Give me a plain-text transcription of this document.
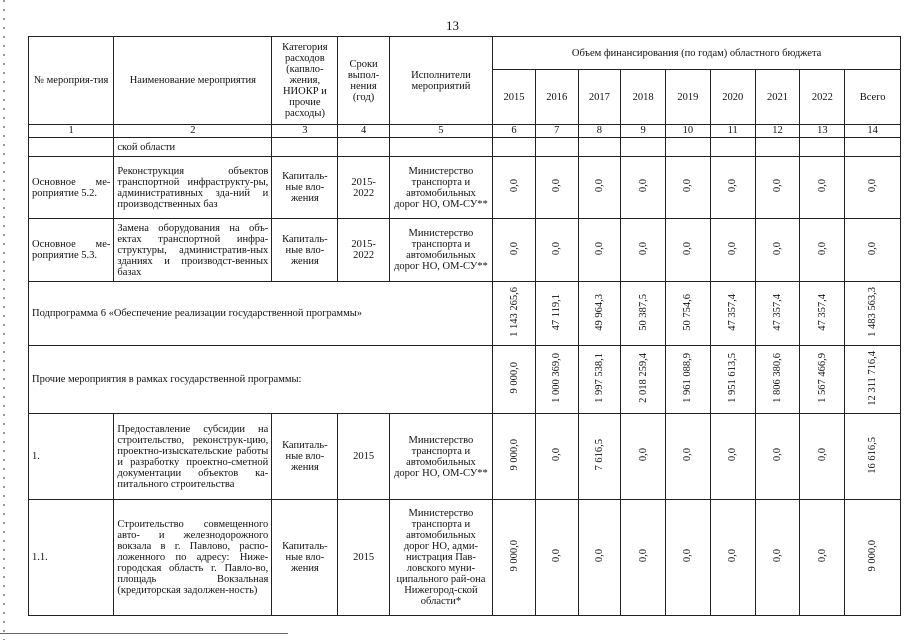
13
№ мероприя-тия	Наименование мероприятия	Категория расходов (капвло-жения, НИОКР и прочие расходы)	Сроки выпол-нения (год)	Исполнители мероприятий	Объем финансирования (по годам) областного бюджета								
					2015	2016	2017	2018	2019	2020	2021	2022	Всего
1	2	3	4	5	6	7	8	9	10	11	12	13	14
	ской области												
Основное ме-роприятие 5.2.	Реконструкция объектов транспортной инфраструкту-ры, административных зда-ний и производственных баз	Капиталь-ные вло-жения	2015-2022	Министерство транспорта и автомобильных дорог НО, ОМ-СУ**	0,0	0,0	0,0	0,0	0,0	0,0	0,0	0,0	0,0
Основное ме-роприятие 5.3.	Замена оборудования на объ-ектах транспортной инфра-структуры, административ-ных зданиях и производст-венных базах	Капиталь-ные вло-жения	2015-2022	Министерство транспорта и автомобильных дорог НО, ОМ-СУ**	0,0	0,0	0,0	0,0	0,0	0,0	0,0	0,0	0,0
Подпрограмма 6 «Обеспечение реализации государственной программы»					1 143 265,6	47 119,1	49 964,3	50 387,5	50 754,6	47 357,4	47 357,4	47 357,4	1 483 563,3
Прочие мероприятия в рамках государственной программы:					9 000,0	1 000 369,0	1 997 538,1	2 018 259,4	1 961 088,9	1 951 613,5	1 806 380,6	1 567 466,9	12 311 716,4
1.	Предоставление субсидии на строительство, реконструк-цию, проектно-изыскательские работы и разработку проектно-сметной документации объектов ка-питального строительства	Капиталь-ные вло-жения	2015	Министерство транспорта и автомобильных дорог НО, ОМ-СУ**	9 000,0	0,0	7 616,5	0,0	0,0	0,0	0,0	0,0	16 616,5
1.1.	Строительство совмещенного авто- и железнодорожного вокзала в г. Павлово, распо-ложенного по адресу: Ниже-городская область г. Павло-во, площадь Вокзальная (кредиторская задолжен-ность)	Капиталь-ные вло-жения	2015	Министерство транспорта и автомобильных дорог НО, адми-нистрация Пав-ловского муни-ципального рай-она Нижегород-ской области*	9 000,0	0,0	0,0	0,0	0,0	0,0	0,0	0,0	9 000,0
